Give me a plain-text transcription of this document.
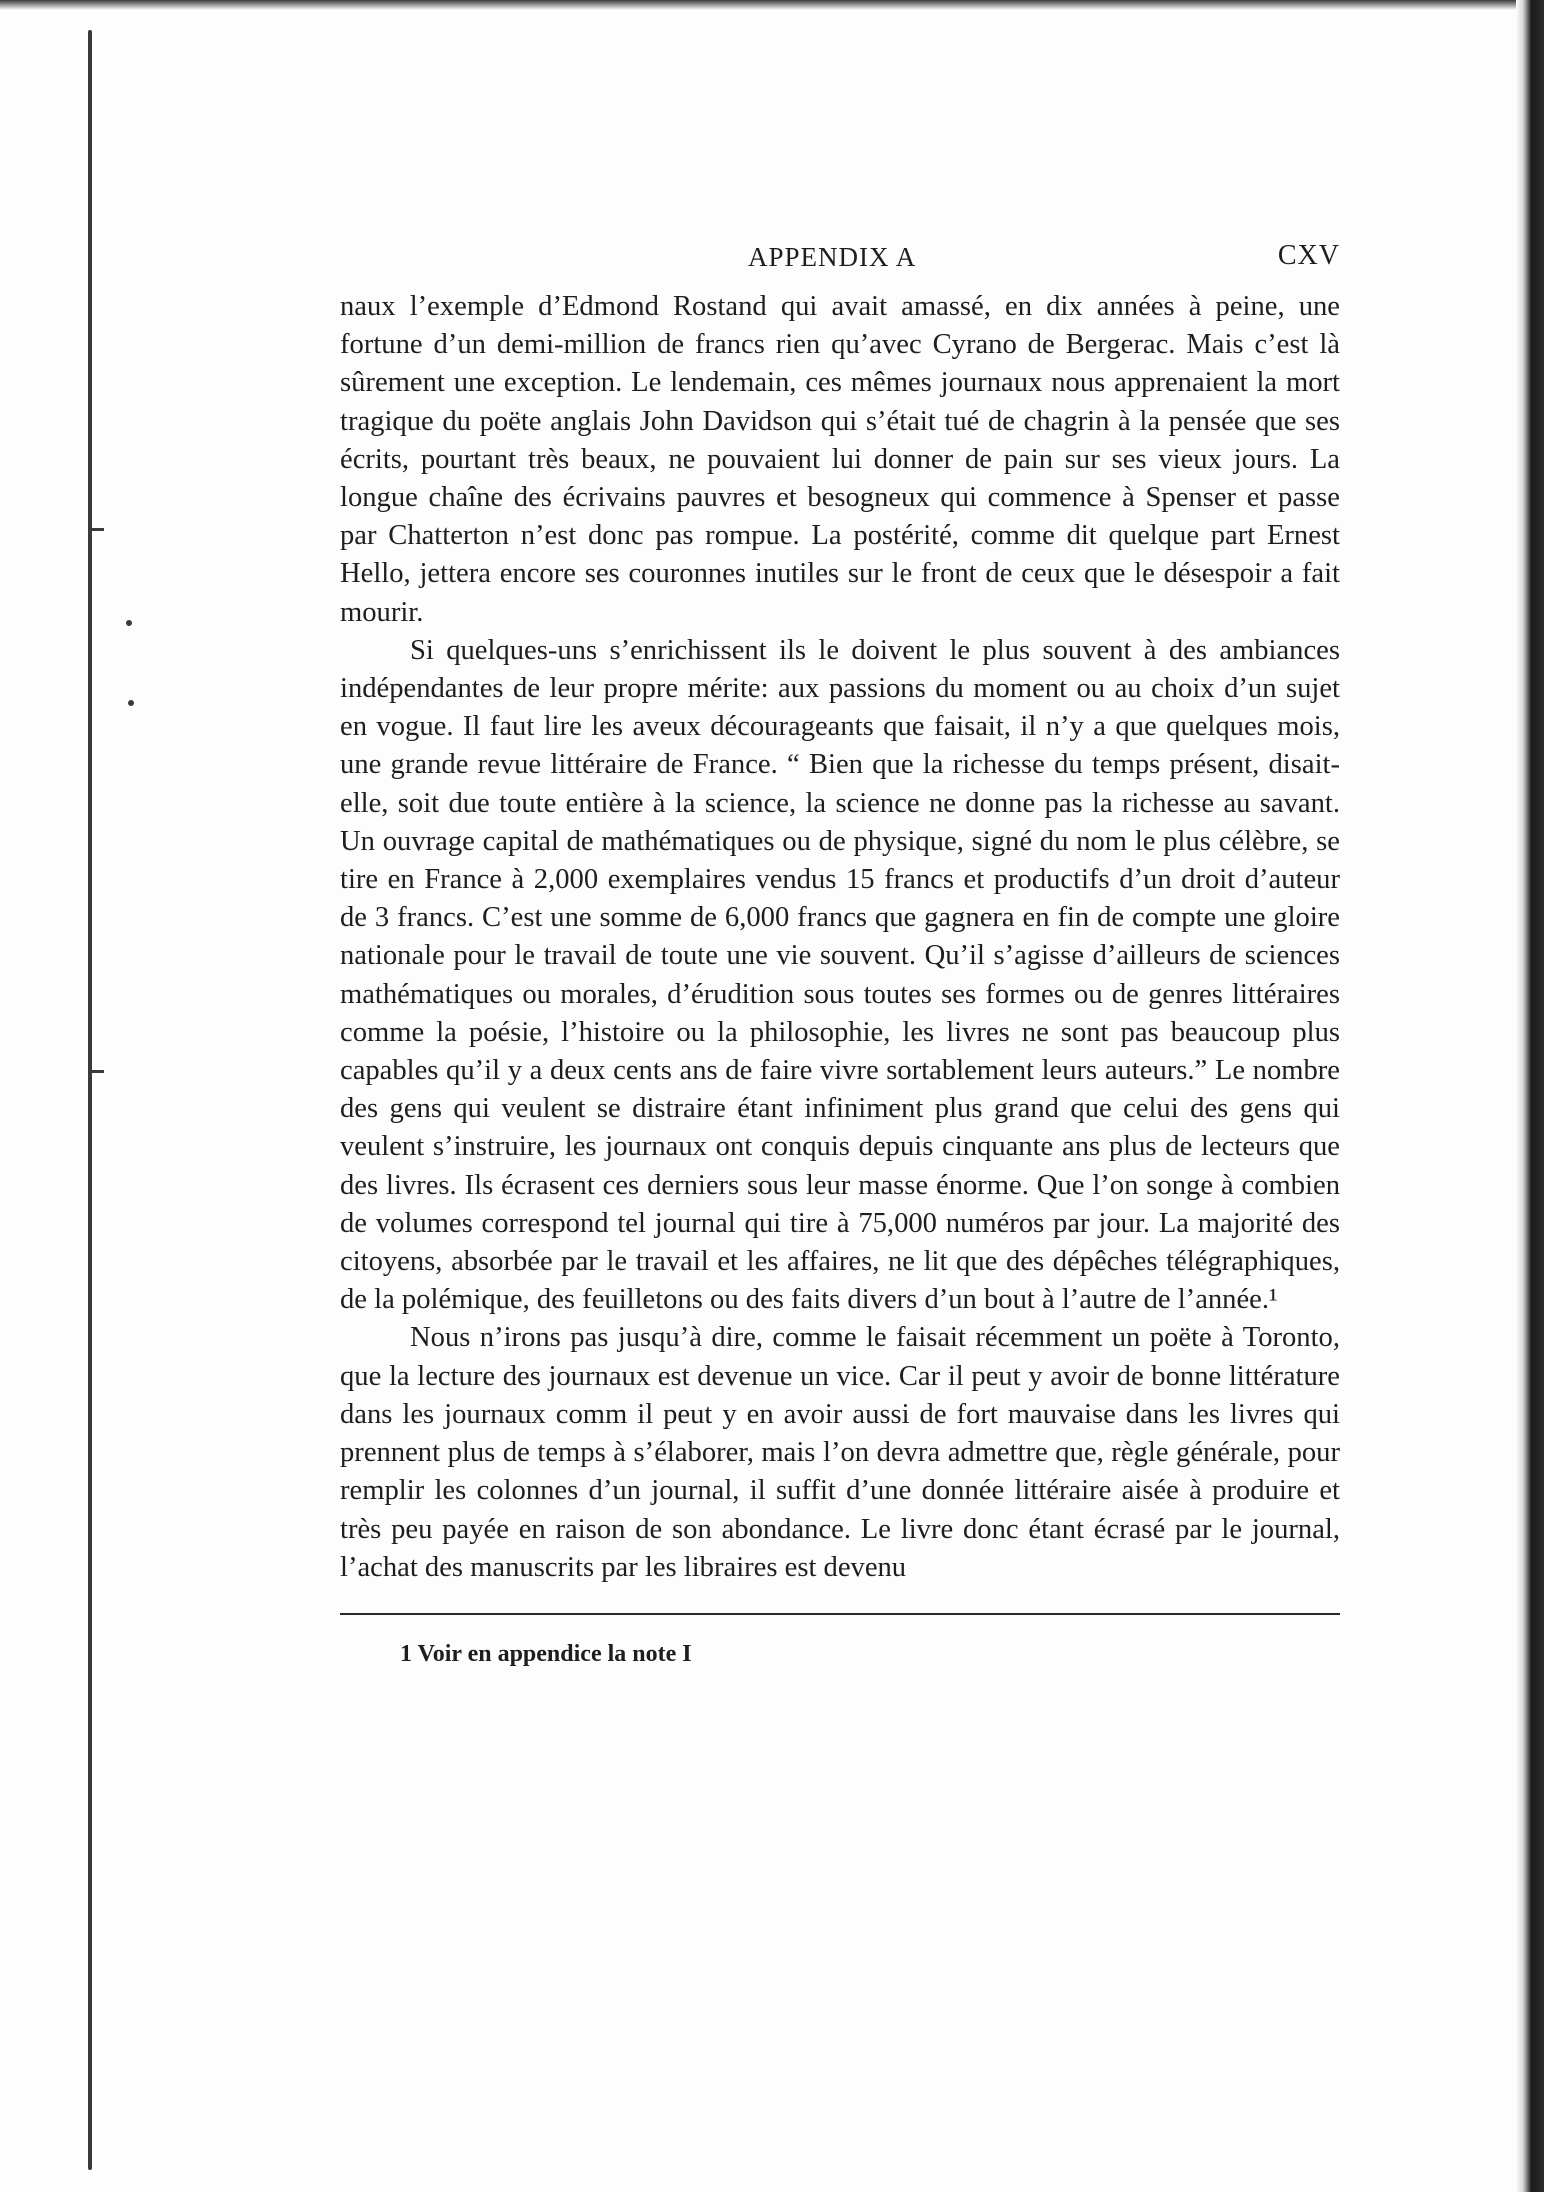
APPENDIX A	CXV

naux l’exemple d’Edmond Rostand qui avait amassé, en dix années à peine, une fortune d’un demi-million de francs rien qu’avec Cyrano de Bergerac. Mais c’est là sûrement une exception. Le lendemain, ces mêmes journaux nous apprenaient la mort tragique du poëte anglais John Davidson qui s’était tué de chagrin à la pensée que ses écrits, pourtant très beaux, ne pouvaient lui donner de pain sur ses vieux jours. La longue chaîne des écrivains pauvres et besogneux qui commence à Spenser et passe par Chatterton n’est donc pas rompue. La postérité, comme dit quelque part Ernest Hello, jettera encore ses couronnes inutiles sur le front de ceux que le désespoir a fait mourir.

Si quelques-uns s’enrichissent ils le doivent le plus souvent à des ambiances indépendantes de leur propre mérite: aux passions du moment ou au choix d’un sujet en vogue. Il faut lire les aveux décourageants que faisait, il n’y a que quelques mois, une grande revue littéraire de France. “ Bien que la richesse du temps présent, disait-elle, soit due toute entière à la science, la science ne donne pas la richesse au savant. Un ouvrage capital de mathématiques ou de physique, signé du nom le plus célèbre, se tire en France à 2,000 exemplaires vendus 15 francs et productifs d’un droit d’auteur de 3 francs. C’est une somme de 6,000 francs que gagnera en fin de compte une gloire nationale pour le travail de toute une vie souvent. Qu’il s’agisse d’ailleurs de sciences mathématiques ou morales, d’érudition sous toutes ses formes ou de genres littéraires comme la poésie, l’histoire ou la philosophie, les livres ne sont pas beaucoup plus capables qu’il y a deux cents ans de faire vivre sortablement leurs auteurs.” Le nombre des gens qui veulent se distraire étant infiniment plus grand que celui des gens qui veulent s’instruire, les journaux ont conquis depuis cinquante ans plus de lecteurs que des livres. Ils écrasent ces derniers sous leur masse énorme. Que l’on songe à combien de volumes correspond tel journal qui tire à 75,000 numéros par jour. La majorité des citoyens, absorbée par le travail et les affaires, ne lit que des dépêches télégraphiques, de la polémique, des feuilletons ou des faits divers d’un bout à l’autre de l’année.¹

Nous n’irons pas jusqu’à dire, comme le faisait récemment un poëte à Toronto, que la lecture des journaux est devenue un vice. Car il peut y avoir de bonne littérature dans les journaux comm il peut y en avoir aussi de fort mauvaise dans les livres qui prennent plus de temps à s’élaborer, mais l’on devra admettre que, règle générale, pour remplir les colonnes d’un journal, il suffit d’une donnée littéraire aisée à produire et très peu payée en raison de son abondance. Le livre donc étant écrasé par le journal, l’achat des manuscrits par les libraires est devenu

1 Voir en appendice la note I
